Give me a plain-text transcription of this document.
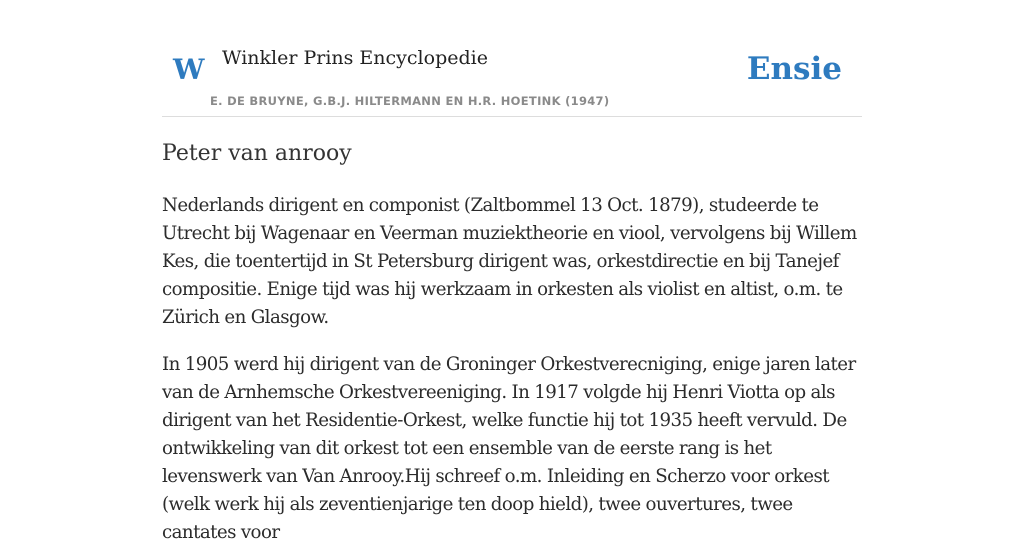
W Winkler Prins Encyclopedie
E. DE BRUYNE, G.B.J. HILTERMANN EN H.R. HOETINK (1947)
Ensie
Peter van anrooy

Nederlands dirigent en componist (Zaltbommel 13 Oct. 1879), studeerde te Utrecht bij Wagenaar en Veerman muziektheorie en viool, vervolgens bij Willem Kes, die toentertijd in St Petersburg dirigent was, orkestdirectie en bij Tanejef compositie. Enige tijd was hij werkzaam in orkesten als violist en altist, o.m. te Zürich en Glasgow.

In 1905 werd hij dirigent van de Groninger Orkestverecniging, enige jaren later van de Arnhemsche Orkestvereeniging. In 1917 volgde hij Henri Viotta op als dirigent van het Residentie-Orkest, welke functie hij tot 1935 heeft vervuld. De ontwikkeling van dit orkest tot een ensemble van de eerste rang is het levenswerk van Van Anrooy.Hij schreef o.m. Inleiding en Scherzo voor orkest (welk werk hij als zeventienjarige ten doop hield), twee ouvertures, twee cantates voor
